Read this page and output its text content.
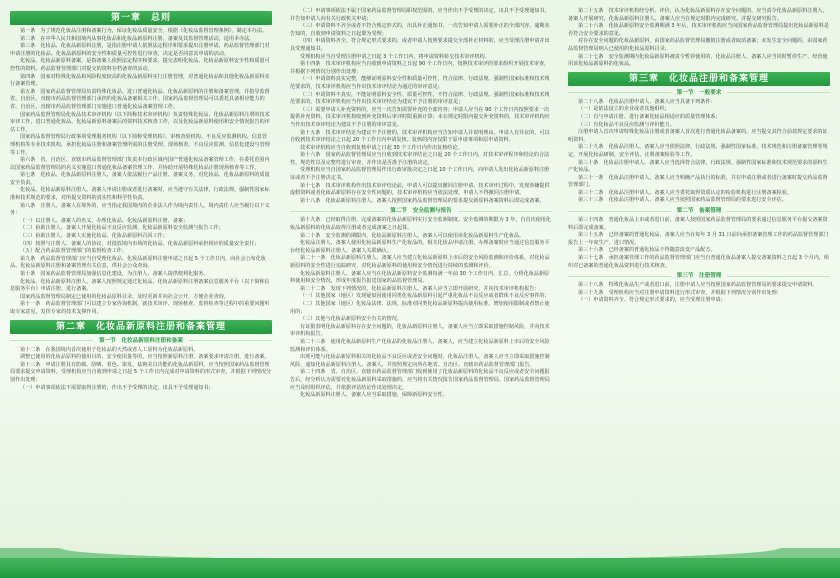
第一章　总则

第一条　为了规范化妆品注册和备案行为，保证化妆品质量安全，根据《化妆品监督管理条例》，制定本办法。

第二条　在中华人民共和国境内从事化妆品和化妆品新原料注册、备案及其监督管理活动，适用本办法。

第三条　化妆品、化妆品新原料注册，是指注册申请人依照法定程序和要求提出注册申请，药品监督管理部门对申请注册的化妆品、化妆品新原料的安全性和质量可控性进行审查，决定是否同意其申请的活动。

化妆品、化妆品新原料备案，是指备案人依照法定程序和要求，提交表明化妆品、化妆品新原料安全性和质量可控性的资料，药品监督管理部门对提交的资料存档备查的活动。

第四条　国家对特殊化妆品和风险程度较高的化妆品新原料实行注册管理，对普通化妆品和其他化妆品新原料实行备案管理。

第五条　国家药品监督管理局负责特殊化妆品、进口普通化妆品、化妆品新原料的注册和备案管理，并指导监督省、自治区、直辖市药品监督管理部门承担的化妆品备案相关工作。国家药品监督管理局可以委托具备相应能力的省、自治区、直辖市药品监督管理部门实施进口普通化妆品备案管理工作。

国家药品监督管理局化妆品技术审评机构（以下简称技术审评机构）负责特殊化妆品、化妆品新原料注册的技术审评工作，进口普通化妆品、化妆品新原料备案后的资料技术核查工作，以及化妆品新原料使用和安全情况报告的评估工作。

国家药品监督管理局行政事项受理服务机构（以下简称受理机构）、审核查验机构、不良反应监测机构、信息管理机构等专业技术机构，承担化妆品注册和备案管理所需的注册受理、现场核查、不良反应监测、信息化建设与管理等工作。

第六条　省、自治区、直辖市药品监督管理部门负责本行政区域内国产普通化妆品备案管理工作，在委托范围内以国家药品监督管理局的名义实施进口普通化妆品备案管理工作，并协助开展特殊化妆品注册现场核查等工作。

第七条　化妆品、化妆品新原料注册人、备案人依法履行产品注册、备案义务，对化妆品、化妆品新原料的质量安全负责。

化妆品、化妆品新原料注册人、备案人申请注册或者进行备案时，应当遵守有关法律、行政法规、强制性国家标准和技术规范的要求，对所提交资料的真实性和科学性负责。

第八条　注册人、备案人在境外的，应当指定我国境内的企业法人作为境内责任人。境内责任人应当履行以下义务：

（一）以注册人、备案人的名义，办理化妆品、化妆品新原料注册、备案；

（二）协助注册人、备案人开展化妆品不良反应监测、化妆品新原料安全监测与报告工作；

（三）协助注册人、备案人实施化妆品、化妆品新原料召回工作；

（四）按照与注册人、备案人的协议，对投放境内市场的化妆品、化妆品新原料承担相应的质量安全责任；

（五）配合药品监督管理部门的监督检查工作。

第九条　药品监督管理部门应当自受理化妆品、化妆品新原料注册申请之日起 5 个工作日内，向社会公布化妆品、化妆品新原料注册和备案管理有关信息，供社会公众查询。

第十条　国家药品监督管理局加强信息化建设，为注册人、备案人提供便利化服务。

化妆品、化妆品新原料注册人、备案人按照规定通过化妆品、化妆品新原料注册备案信息服务平台（以下简称信息服务平台）申请注册、进行备案。

国家药品监督管理局制定已使用的化妆品原料目录，及时更新并向社会公开，方便企业查询。

第十一条　药品监督管理部门可以建立专家咨询机制，就技术审评、现场核查、监督检查等过程中的重要问题听取专家意见，发挥专家的技术支撑作用。

第二章　化妆品新原料注册和备案管理
第一节　化妆品新原料注册和备案

第十二条　在我国境内首次使用于化妆品的天然或者人工原料为化妆品新原料。

调整已使用的化妆品原料的使用目的、安全使用量等的，应当按照新原料注册、备案要求申请注册、进行备案。

第十三条　申请注册具有防腐、防晒、着色、染发、祛斑美白功能的化妆品新原料，应当按照国家药品监督管理局要求提交申请资料。受理机构应当自收到申请之日起 5 个工作日内完成对申请资料的形式审查，并根据下列情况分别作出处理：

（一）申请事项依法不需要取得注册的，作出不予受理的决定，出具不予受理通知书；

（二）申请事项依法不属于国家药品监督管理局职权范围的，应当作出不予受理的决定，出具不予受理通知书，并告知申请人向有关行政机关申请；

（三）申请资料不齐全或者不符合规定形式的，出具补正通知书，一次告知申请人需要补正的全部内容，逾期未告知的，自收到申请资料之日起即为受理；

（四）申请资料齐全、符合规定形式要求的，或者申请人按照要求提交全部补正材料的，应当受理注册申请并出具受理通知书。

受理机构应当自受理注册申请之日起 3 个工作日内，将申请资料转交技术审评机构。

第十四条　技术审评机构应当自收到申请资料之日起 90 个工作日内，按照技术审评的要求组织开展技术审查，并根据下列情况分别作出处理：

（一）申请资料真实完整，能够证明原料安全性和质量可控性，符合法律、行政法规、强制性国家标准和技术规范要求的，技术审评机构应当作出技术审评结论为通过的审评意见；

（二）申请资料不真实，不能证明原料安全性、质量可控性，不符合法律、行政法规、强制性国家标准和技术规范要求的，技术审评机构应当作出技术审评结论为建议不予注册的审评意见；

（三）需要申请人补充资料的，应当一次告知需要补充的全部内容；申请人应当在 90 个工作日内按照要求一次提供补充资料，技术审评机构收到补充资料后审评时限重新计算；未在规定时限内提交补充资料的，技术审评机构应当作出技术审评结论为建议不予注册的审评意见。

第十五条　技术审评结论为建议不予注册的，技术审评机构应当告知申请人并说明理由。申请人有异议的，可以自收到技术审评结论之日起 20 个工作日内申请复核。复核的内容仅限于原申请事项和原申请资料。

技术审评机构应当自收到复核申请之日起 30 个工作日内作出复核结论。

第十六条　国家药品监督管理局应当自收到技术审评结论之日起 20 个工作日内，对技术审评程序和结论的合法性、规范性以及完整性进行审查，并作出是否准予注册的决定。

受理机构应当自国家药品监督管理局作出行政审批决定之日起 10 个工作日内，向申请人发出化妆品新原料注册证或者不予注册决定书。

第十七条　技术审评机构作出技术审评结论前，申请人可以提出撤回注册申请。技术审评过程中，发现涉嫌提供虚假资料或者化妆品新原料存在安全性问题的，技术审评机构应当依法处理，申请人不得撤回注册申请。

第十八条　化妆品新原料注册人、备案人按照国家药品监督管理局的要求提交新原料备案资料后即完成备案。

第二节　安全监测与报告

第十九条　已经取得注册、完成备案的化妆品新原料实行安全监测制度。安全监测的期限为 3 年，自首次使用化妆品新原料的化妆品取得注册或者完成备案之日起算。

第二十条　安全监测的期限内，化妆品新原料注册人、备案人可以使用该化妆品新原料生产化妆品。

化妆品注册人、备案人使用化妆品新原料生产化妆品的，相关化妆品申请注册、办理备案时应当通过信息服务平台经化妆品新原料注册人、备案人关联确认。

第二十一条　化妆品新原料注册人、备案人应当建立化妆品新原料上市后的安全风险监测和评价体系，对化妆品新原料的安全性进行追踪研究，对化妆品新原料的使用和安全情况进行持续的监测和评价。

化妆品新原料注册人、备案人应当在化妆品新原料安全监测每满一年前 30 个工作日内，汇总、分析化妆品新原料使用和安全情况，形成年度报告报送国家药品监督管理局。

第二十二条　发现下列情况的，化妆品新原料注册人、备案人应当立即开展研究，并向技术审评机构报告：

（一）其他国家（地区）发现疑似因使用同类化妆品新原料引起严重化妆品不良反应或者群体不良反应事件的；

（二）其他国家（地区）化妆品法律、法规、标准对同类化妆品新原料提高使用标准、增加使用限制或者禁止使用的；

（三）其他与化妆品新原料安全有关的情况。

有证据表明化妆品新原料存在安全问题的，化妆品新原料注册人、备案人应当立即采取措施控制风险，并向技术审评机构报告。

第二十三条　使用化妆品新原料生产化妆品的化妆品注册人、备案人，应当建立化妆品新原料上市后的安全风险监测和评价体系。

出现可能与化妆品新原料相关的化妆品不良反应或者安全问题时，化妆品注册人、备案人应当立即采取措施控制风险，通知化妆品新原料注册人、备案人，并按照规定向所在地省、自治区、直辖市药品监督管理部门报告。

第二十四条　省、自治区、直辖市药品监督管理部门收到使用了化妆品新原料的化妆品不良反应或者安全问题报告后，经分析认为需要对化妆品新原料采取措施的，应当将有关情况报告国家药品监督管理局。国家药品监督管理局应当及时组织评估，并依据评估结论作出处理决定。

化妆品新原料注册人、备案人应当采取措施，保障新原料安全性。

第二十五条　技术审评机构经分析、评价，认为化妆品新原料存在安全问题的，应当责令化妆品新原料注册人、备案人开展研究，化妆品新原料注册人、备案人应当在规定时限内完成研究，并提交研究报告。

第二十六条　化妆品新原料安全监测期满 3 年后，技术审评机构应当向国家药品监督管理局提出化妆品新原料是否符合安全要求的意见。

对存在安全问题的化妆品新原料，由国家药品监督管理局撤销注册或者取消备案；未发生安全问题的，由国家药品监督管理局纳入已使用的化妆品原料目录。

第二十七条　安全监测期内化妆品新原料被责令暂停使用的，化妆品注册人、备案人应当同时暂停生产、经营使用该化妆品新原料的化妆品。

第三章　化妆品注册和备案管理
第一节　一般要求

第二十八条　化妆品注册申请人、备案人应当具备下列条件：

（一）是依法设立的企业或者其他组织；

（二）有与申请注册、进行备案化妆品相适应的质量管理体系；

（三）有化妆品不良反应监测与评价能力。

注册申请人首次申请特殊化妆品注册或者备案人首次进行普通化妆品备案的，应当提交其符合前款规定要求的证明资料。

第二十九条　化妆品注册人、备案人应当依照法律、行政法规、强制性国家标准、技术规范和注册备案管理等规定，开展化妆品研制、安全评估、注册备案检验等工作。

第三十条　化妆品注册申请人、备案人应当选择符合法律、行政法规、强制性国家标准和技术规范要求的原料生产化妆品。

第三十一条　化妆品注册申请人、备案人应当明确产品执行的标准，并在申请注册或者进行备案时提交药品监督管理部门。

第三十二条　化妆品注册申请人、备案人应当委托取得资质认定的检验机构进行注册备案检验。

第三十三条　化妆品注册申请人、备案人应当按照国家药品监督管理局的要求进行安全评估。

第二节　备案管理

第三十四条　普通化妆品上市或者进口前，备案人按照国家药品监督管理局的要求通过信息服务平台提交备案资料后即完成备案。

第三十五条　已经备案的普通化妆品，备案人应当在每年 3 月 31 日前向承担备案管理工作的药品监督管理部门报告上一年度生产、进口情况。

第三十六条　已经备案的普通化妆品不得随意改变产品配方。

第三十七条　承担备案管理工作的药品监督管理部门应当自普通化妆品备案人提交备案资料之日起 3 个月内，组织对已备案的普通化妆品资料进行技术核查。

第三节　注册管理

第三十八条　特殊化妆品生产或者进口前，注册申请人应当按照国家药品监督管理局的要求提交申请资料。

第三十九条　受理机构应当对注册申请资料进行形式审查，并根据下列情况分别作出处理：

（一）申请资料齐全、符合规定形式要求的，应当受理注册申请；
